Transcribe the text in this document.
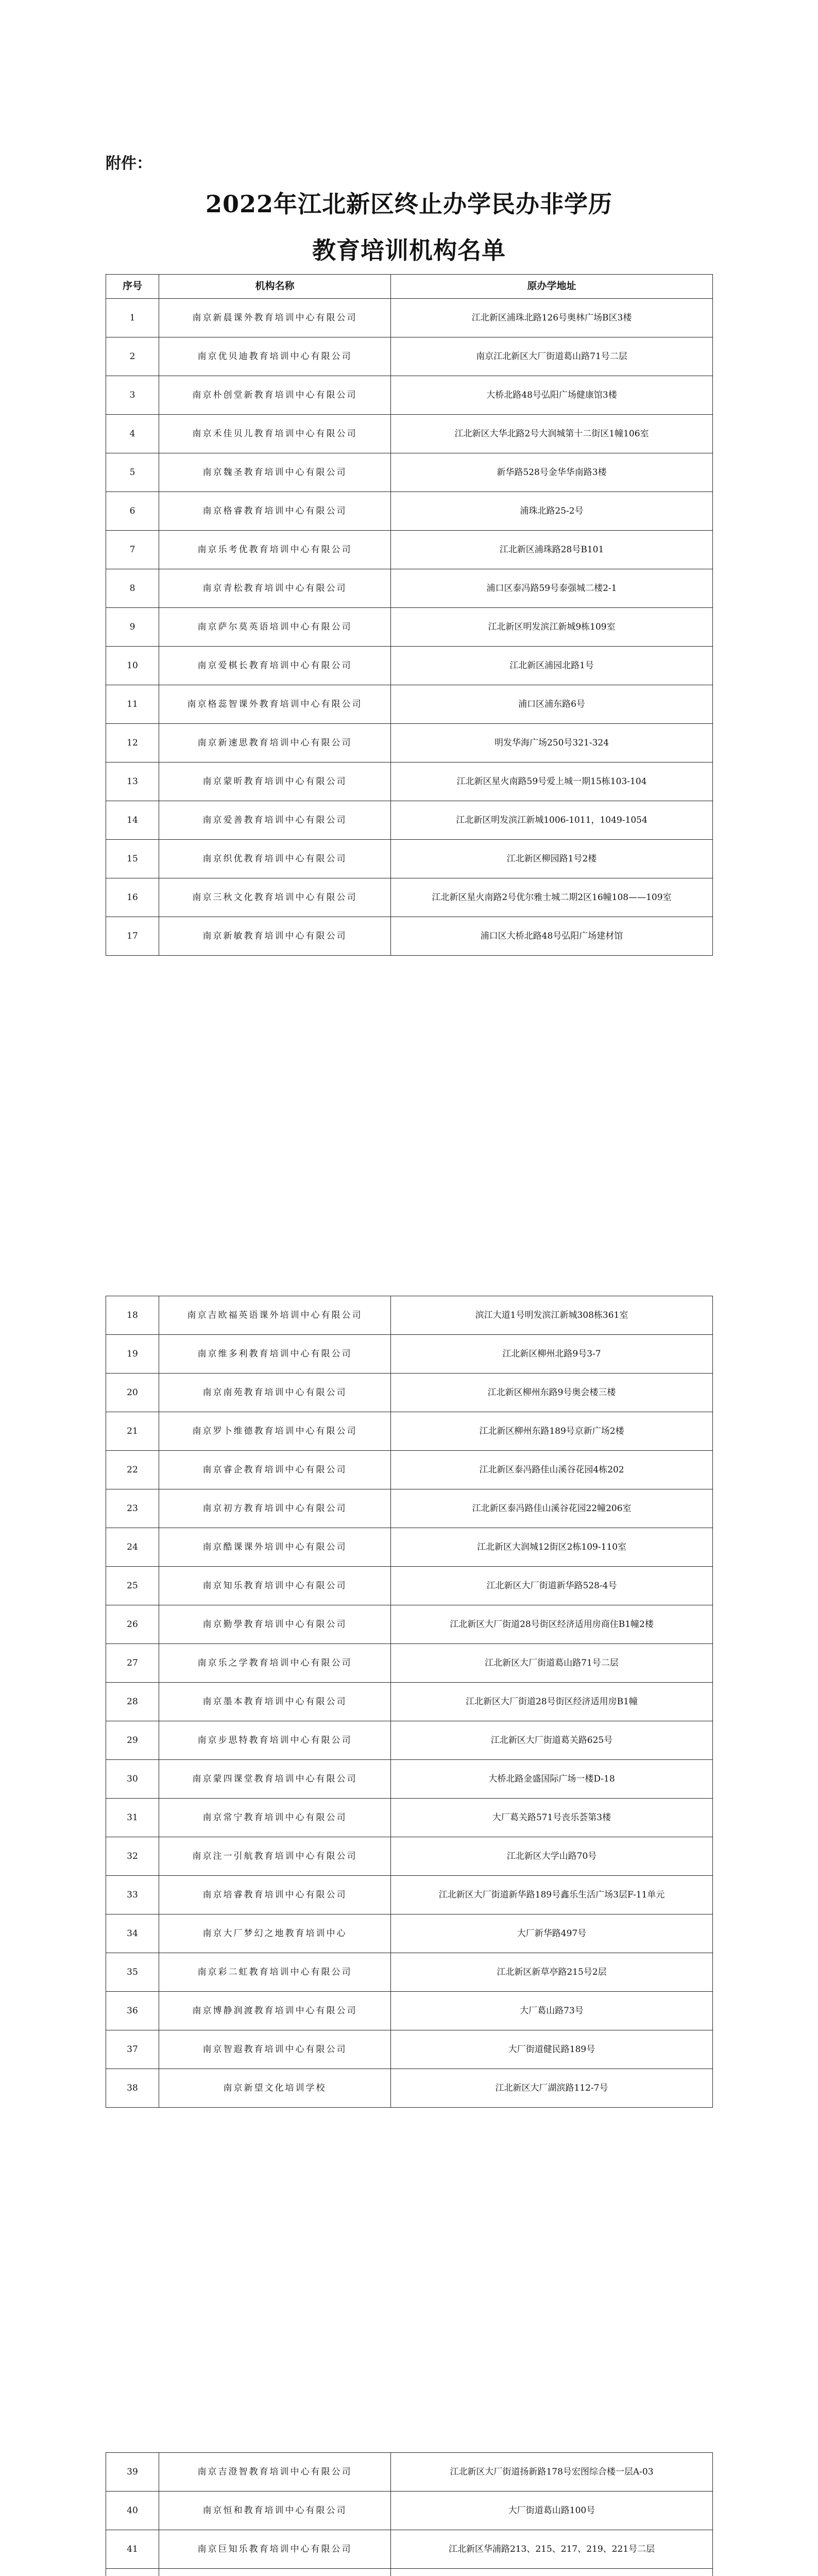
附件：
2022年江北新区终止办学民办非学历
教育培训机构名单
序号	机构名称	原办学地址
1	南京新晨课外教育培训中心有限公司	江北新区浦珠北路126号奥林广场B区3楼
2	南京优贝迪教育培训中心有限公司	南京江北新区大厂街道葛山路71号二层
3	南京朴创堂新教育培训中心有限公司	大桥北路48号弘阳广场健康馆3楼
4	南京禾佳贝儿教育培训中心有限公司	江北新区大华北路2号大润城第十二街区1幢106室
5	南京魏圣教育培训中心有限公司	新华路528号金华华南路3楼
6	南京格睿教育培训中心有限公司	浦珠北路25-2号
7	南京乐考优教育培训中心有限公司	江北新区浦珠路28号B101
8	南京青松教育培训中心有限公司	浦口区泰冯路59号泰强城二楼2-1
9	南京萨尔莫英语培训中心有限公司	江北新区明发滨江新城9栋109室
10	南京爱棋长教育培训中心有限公司	江北新区浦园北路1号
11	南京格蕊智课外教育培训中心有限公司	浦口区浦东路6号
12	南京新速思教育培训中心有限公司	明发华海广场250号321-324
13	南京蒙昕教育培训中心有限公司	江北新区星火南路59号爱上城一期15栋103-104
14	南京爱善教育培训中心有限公司	江北新区明发滨江新城1006-1011，1049-1054
15	南京织优教育培训中心有限公司	江北新区柳园路1号2楼
16	南京三秋文化教育培训中心有限公司	江北新区星火南路2号优尔雅士城二期2区16幢108——109室
17	南京新敏教育培训中心有限公司	浦口区大桥北路48号弘阳广场建材馆
18	南京吉欧福英语课外培训中心有限公司	滨江大道1号明发滨江新城308栋361室
19	南京维多利教育培训中心有限公司	江北新区柳州北路9号3-7
20	南京南苑教育培训中心有限公司	江北新区柳州东路9号奥会楼三楼
21	南京罗卜维德教育培训中心有限公司	江北新区柳州东路189号京新广场2楼
22	南京睿企教育培训中心有限公司	江北新区泰冯路佳山溪谷花园4栋202
23	南京初方教育培训中心有限公司	江北新区泰冯路佳山溪谷花园22幢206室
24	南京酷课课外培训中心有限公司	江北新区大润城12街区2栋109-110室
25	南京知乐教育培训中心有限公司	江北新区大厂街道新华路528-4号
26	南京勤學教育培训中心有限公司	江北新区大厂街道28号街区经济适用房商住B1幢2楼
27	南京乐之学教育培训中心有限公司	江北新区大厂街道葛山路71号二层
28	南京墨本教育培训中心有限公司	江北新区大厂街道28号街区经济适用房B1幢
29	南京步思特教育培训中心有限公司	江北新区大厂街道葛关路625号
30	南京蒙四课堂教育培训中心有限公司	大桥北路金盛国际广场一楼D-18
31	南京常宁教育培训中心有限公司	大厂葛关路571号丧乐荟第3楼
32	南京注一引航教育培训中心有限公司	江北新区大学山路70号
33	南京培睿教育培训中心有限公司	江北新区大厂街道新华路189号鑫乐生活广场3层F-11单元
34	南京大厂梦幻之地教育培训中心	大厂新华路497号
35	南京彩二虹教育培训中心有限公司	江北新区新草亭路215号2层
36	南京博静润渡教育培训中心有限公司	大厂葛山路73号
37	南京智遐教育培训中心有限公司	大厂街道健民路189号
38	南京新望文化培训学校	江北新区大厂湖滨路112-7号
39	南京吉澄智教育培训中心有限公司	江北新区大厂街道扬新路178号宏图综合楼一层A-03
40	南京恒和教育培训中心有限公司	大厂街道葛山路100号
41	南京巨知乐教育培训中心有限公司	江北新区华浦路213、215、217、219、221号二层
